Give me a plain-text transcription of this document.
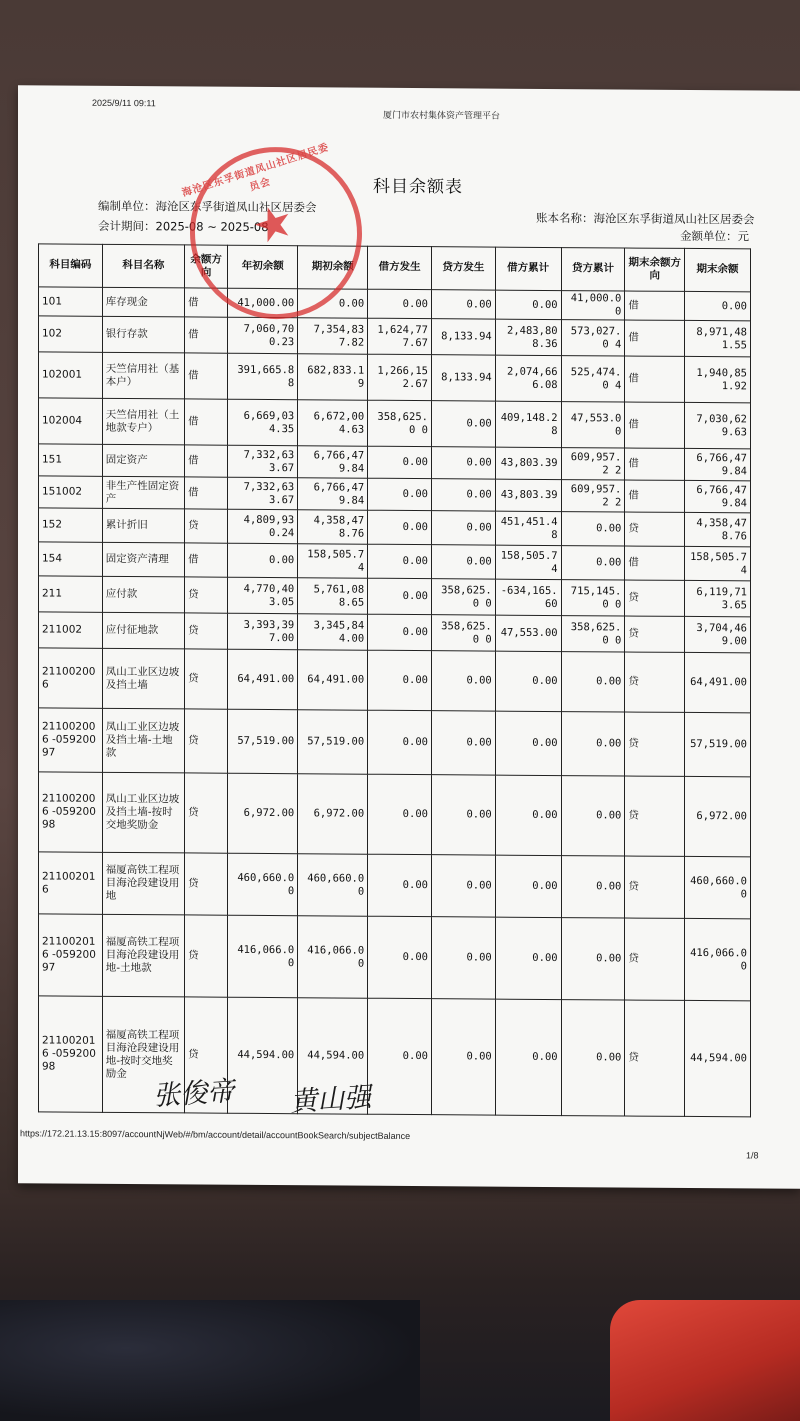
2025/9/11 09:11
厦门市农村集体资产管理平台
科目余额表
编制单位：海沧区东孚街道凤山社区居委会
会计期间：2025-08 ~ 2025-08
账本名称：海沧区东孚街道凤山社区居委会
金额单位：元
科目编码	科目名称	余额方向	年初余额	期初余额	借方发生	贷方发生	借方累计	贷方累计	期末余额方向	期末余额
101	库存现金	借	41,000.00	0.00	0.00	0.00	0.00	41,000.00	借	0.00
102	银行存款	借	7,060,70 0.23	7,354,83 7.82	1,624,77 7.67	8,133.94	2,483,80 8.36	573,027.0 4	借	8,971,48 1.55
102001	天竺信用社（基本户）	借	391,665.8 8	682,833.1 9	1,266,15 2.67	8,133.94	2,074,66 6.08	525,474.0 4	借	1,940,85 1.92
102004	天竺信用社（土地款专户）	借	6,669,03 4.35	6,672,00 4.63	358,625.0 0	0.00	409,148.2 8	47,553.00	借	7,030,62 9.63
151	固定资产	借	7,332,63 3.67	6,766,47 9.84	0.00	0.00	43,803.39	609,957.2 2	借	6,766,47 9.84
151002	非生产性固定资产	借	7,332,63 3.67	6,766,47 9.84	0.00	0.00	43,803.39	609,957.2 2	借	6,766,47 9.84
152	累计折旧	贷	4,809,93 0.24	4,358,47 8.76	0.00	0.00	451,451.4 8	0.00	贷	4,358,47 8.76
154	固定资产清理	借	0.00	158,505.7 4	0.00	0.00	158,505.7 4	0.00	借	158,505.7 4
211	应付款	贷	4,770,40 3.05	5,761,08 8.65	0.00	358,625.0 0	-634,165. 60	715,145.0 0	贷	6,119,71 3.65
211002	应付征地款	贷	3,393,39 7.00	3,345,84 4.00	0.00	358,625.0 0	47,553.00	358,625.0 0	贷	3,704,46 9.00
211002006	凤山工业区边坡及挡土墙	贷	64,491.00	64,491.00	0.00	0.00	0.00	0.00	贷	64,491.00
211002006 -05920097	凤山工业区边坡及挡土墙-土地款	贷	57,519.00	57,519.00	0.00	0.00	0.00	0.00	贷	57,519.00
211002006 -05920098	凤山工业区边坡及挡土墙-按时交地奖励金	贷	6,972.00	6,972.00	0.00	0.00	0.00	0.00	贷	6,972.00
211002016	福厦高铁工程项目海沧段建设用地	贷	460,660.0 0	460,660.0 0	0.00	0.00	0.00	0.00	贷	460,660.0 0
211002016 -05920097	福厦高铁工程项目海沧段建设用地-土地款	贷	416,066.0 0	416,066.0 0	0.00	0.00	0.00	0.00	贷	416,066.0 0
211002016 -05920098	福厦高铁工程项目海沧段建设用地-按时交地奖励金	贷	44,594.00	44,594.00	0.00	0.00	0.00	0.00	贷	44,594.00
张俊帝 黄山强
https://172.21.13.15:8097/accountNjWeb/#/bm/account/detail/accountBookSearch/subjectBalance
1/8
海沧区东孚街道凤山社区居民委员会
★
